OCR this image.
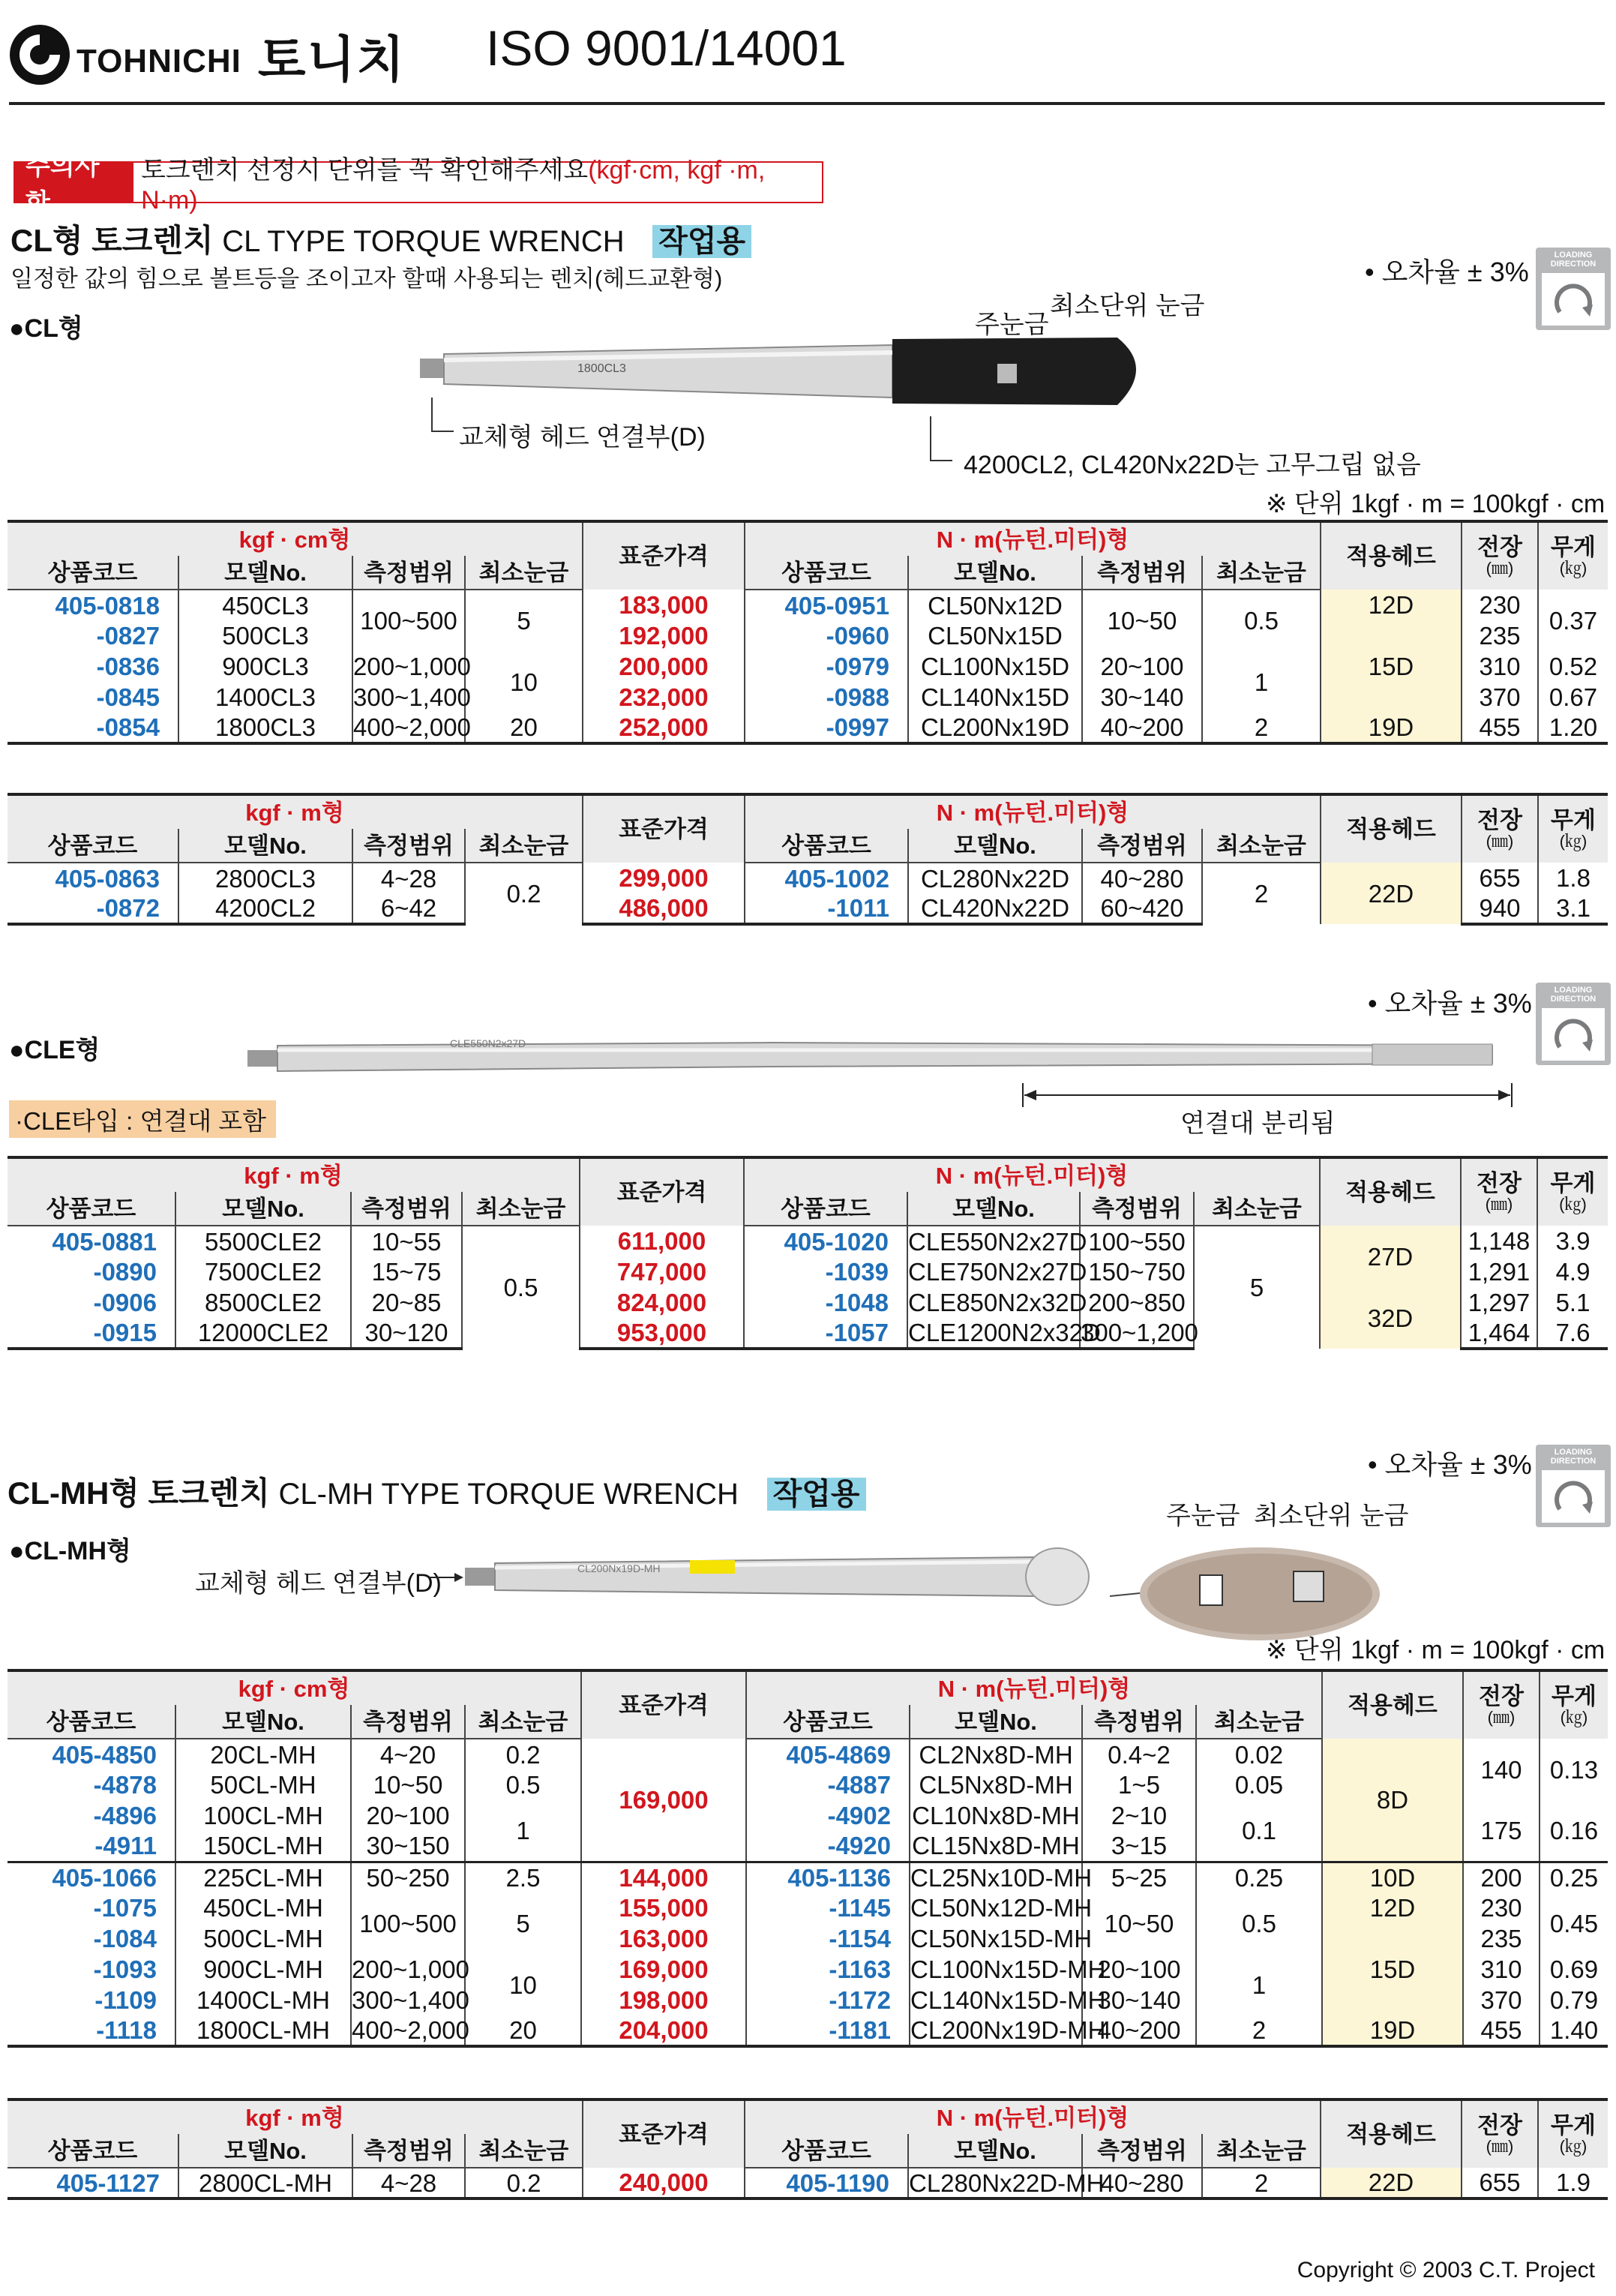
TOHNICHI 토니치 ISO 9001/14001
주의사항
토크렌치 선정시 단위를 꼭 확인해주세요(kgf·cm, kgf ·m, N·m)
CL형 토크렌치 CL TYPE TORQUE WRENCH 작업용
일정한 값의 힘으로 볼트등을 조이고자 할때 사용되는 렌치(헤드교환형)
●CL형
• 오차율 ± 3%
LOADING DIRECTION
1800CL3
주눈금
최소단위 눈금
교체형 헤드 연결부(D)
4200CL2, CL420Nx22D는 고무그립 없음
※ 단위 1kgf · m = 100kgf · cm
kgf · cm형				표준가격	N · m(뉴턴.미터)형				적용헤드	전장
(㎜)	무게
(㎏)

상품코드	모델No.	측정범위	최소눈금		상품코드	모델No.	측정범위	최소눈금			
405-0818	450CL3	100~500	5	183,000	405-0951	CL50Nx12D	10~50	0.5	12D	230	0.37
-0827	500CL3			192,000	-0960	CL50Nx15D			15D	235	
-0836	900CL3	200~1,000	10	200,000	-0979	CL100Nx15D	20~100	1		310	0.52
-0845	1400CL3	300~1,400		232,000	-0988	CL140Nx15D	30~140			370	0.67
-0854	1800CL3	400~2,000	20	252,000	-0997	CL200Nx19D	40~200	2	19D	455	1.20
kgf · m형				표준가격	N · m(뉴턴.미터)형				적용헤드	전장
(㎜)	무게
(㎏)

상품코드	모델No.	측정범위	최소눈금		상품코드	모델No.	측정범위	최소눈금			
405-0863	2800CL3	4~28	0.2	299,000	405-1002	CL280Nx22D	40~280	2	22D	655	1.8
-0872	4200CL2	6~42		486,000	-1011	CL420Nx22D	60~420			940	3.1
• 오차율 ± 3%	LOADING DIRECTION
●CLE형	CLE550N2x27D
·CLE타입 : 연결대 포함	연결대 분리됨
kgf · m형				표준가격	N · m(뉴턴.미터)형				적용헤드	전장
(㎜)	무게
(㎏)

상품코드	모델No.	측정범위	최소눈금		상품코드	모델No.	측정범위	최소눈금			
405-0881	5500CLE2	10~55	0.5	611,000	405-1020	CLE550N2x27D	100~550	5	27D	1,148	3.9
-0890	7500CLE2	15~75		747,000	-1039	CLE750N2x27D	150~750			1,291	4.9
-0906	8500CLE2	20~85		824,000	-1048	CLE850N2x32D	200~850		32D	1,297	5.1
-0915	12000CLE2	30~120		953,000	-1057	CLE1200N2x32D	300~1,200			1,464	7.6
• 오차율 ± 3%	LOADING DIRECTION
CL-MH형 토크렌치 CL-MH TYPE TORQUE WRENCH 작업용
●CL-MH형
주눈금 최소단위 눈금
교체형 헤드 연결부(D)
CL200Nx19D-MH
※ 단위 1kgf · m = 100kgf · cm
kgf · cm형				표준가격	N · m(뉴턴.미터)형				적용헤드	전장
(㎜)	무게
(㎏)

상품코드	모델No.	측정범위	최소눈금		상품코드	모델No.	측정범위	최소눈금			
405-4850	20CL-MH	4~20	0.2	169,000	405-4869	CL2Nx8D-MH	0.4~2	0.02	8D	140	0.13
-4878	50CL-MH	10~50	0.5		-4887	CL5Nx8D-MH	1~5	0.05			
-4896	100CL-MH	20~100	1		-4902	CL10Nx8D-MH	2~10	0.1		175	0.16
-4911	150CL-MH	30~150			-4920	CL15Nx8D-MH	3~15				
405-1066	225CL-MH	50~250	2.5	144,000	405-1136	CL25Nx10D-MH	5~25	0.25	10D	200	0.25
-1075	450CL-MH	100~500	5	155,000	-1145	CL50Nx12D-MH	10~50	0.5	12D	230	0.45
-1084	500CL-MH			163,000	-1154	CL50Nx15D-MH			15D	235	
-1093	900CL-MH	200~1,000	10	169,000	-1163	CL100Nx15D-MH	20~100	1		310	0.69
-1109	1400CL-MH	300~1,400		198,000	-1172	CL140Nx15D-MH	30~140			370	0.79
-1118	1800CL-MH	400~2,000	20	204,000	-1181	CL200Nx19D-MH	40~200	2	19D	455	1.40
kgf · m형				표준가격	N · m(뉴턴.미터)형				적용헤드	전장
(㎜)	무게
(㎏)

상품코드	모델No.	측정범위	최소눈금		상품코드	모델No.	측정범위	최소눈금			
405-1127	2800CL-MH	4~28	0.2	240,000	405-1190	CL280Nx22D-MH	40~280	2	22D	655	1.9
Copyright © 2003 C.T. Project
